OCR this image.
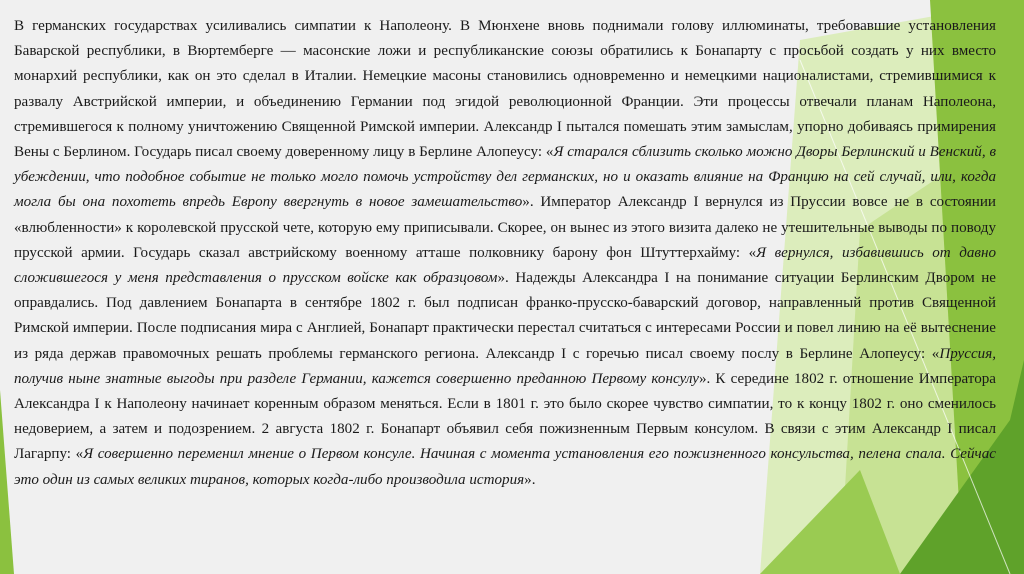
В германских государствах усиливались симпатии к Наполеону. В Мюнхене вновь поднимали голову иллюминаты, требовавшие установления Баварской республики, в Вюртемберге — масонские ложи и республиканские союзы обратились к Бонапарту с просьбой создать у них вместо монархий республики, как он это сделал в Италии. Немецкие масоны становились одновременно и немецкими националистами, стремившимися к развалу Австрийской империи, и объединению Германии под эгидой революционной Франции. Эти процессы отвечали планам Наполеона, стремившегося к полному уничтожению Священной Римской империи. Александр I пытался помешать этим замыслам, упорно добиваясь примирения Вены с Берлином. Государь писал своему доверенному лицу в Берлине Алопеусу: «Я старался сблизить сколько можно Дворы Берлинский и Венский, в убеждении, что подобное событие не только могло помочь устройству дел германских, но и оказать влияние на Францию на сей случай, или, когда могла бы она похотеть впредь Европу ввергнуть в новое замешательство». Император Александр I вернулся из Пруссии вовсе не в состоянии «влюбленности» к королевской прусской чете, которую ему приписывали. Скорее, он вынес из этого визита далеко не утешительные выводы по поводу прусской армии. Государь сказал австрийскому военному атташе полковнику барону фон Штуттерхайму: «Я вернулся, избавившись от давно сложившегося у меня представления о прусском войске как образцовом». Надежды Александра I на понимание ситуации Берлинским Двором не оправдались. Под давлением Бонапарта в сентябре 1802 г. был подписан франко-прусско-баварский договор, направленный против Священной Римской империи. После подписания мира с Англией, Бонапарт практически перестал считаться с интересами России и повел линию на её вытеснение из ряда держав правомочных решать проблемы германского региона. Александр I с горечью писал своему послу в Берлине Алопеусу: «Пруссия, получив ныне знатные выгоды при разделе Германии, кажется совершенно преданною Первому консулу». К середине 1802 г. отношение Императора Александра I к Наполеону начинает коренным образом меняться. Если в 1801 г. это было скорее чувство симпатии, то к концу 1802 г. оно сменилось недоверием, а затем и подозрением. 2 августа 1802 г. Бонапарт объявил себя пожизненным Первым консулом. В связи с этим Александр I писал Лагарпу: «Я совершенно переменил мнение о Первом консуле. Начиная с момента установления его пожизненного консульства, пелена спала. Сейчас это один из самых великих тиранов, которых когда-либо производила история».
